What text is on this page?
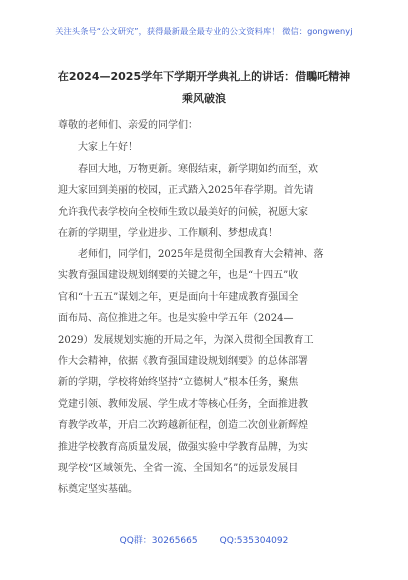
关注头条号“公文研究”，获得最新最全最专业的公文资料库！ 微信：gongwenyj
在2024—2025学年下学期开学典礼上的讲话：借䳭吒精神
乘风破浪
尊敬的老师们、亲爱的同学们：
大家上午好！
春回大地，万物更新。寒假结束，新学期如约而至，欢
迎大家回到美丽的校园，正式踏入2025年春学期。首先请
允许我代表学校向全校师生致以最美好的问候，祝愿大家
在新的学期里，学业进步、工作顺利、梦想成真！
老师们，同学们，2025年是贯彻全国教育大会精神、落
实教育强国建设规划纲要的关键之年，也是“十四五”收
官和“十五五”谋划之年，更是面向十年建成教育强国全
面布局、高位推进之年。也是实验中学五年（2024—
2029）发展规划实施的开局之年，为深入贯彻全国教育工
作大会精神，依据《教育强国建设规划纲要》的总体部署
新的学期，学校将始终坚持“立德树人”根本任务，聚焦
党建引领、教师发展、学生成才等核心任务，全面推进教
育教学改革，开启二次跨越新征程，创造二次创业新辉煌
推进学校教育高质量发展，做强实验中学教育品牌，为实
现学校“区域领先、全省一流、全国知名”的远景发展目
标奠定坚实基础。
QQ群：30265665 QQ:535304092
